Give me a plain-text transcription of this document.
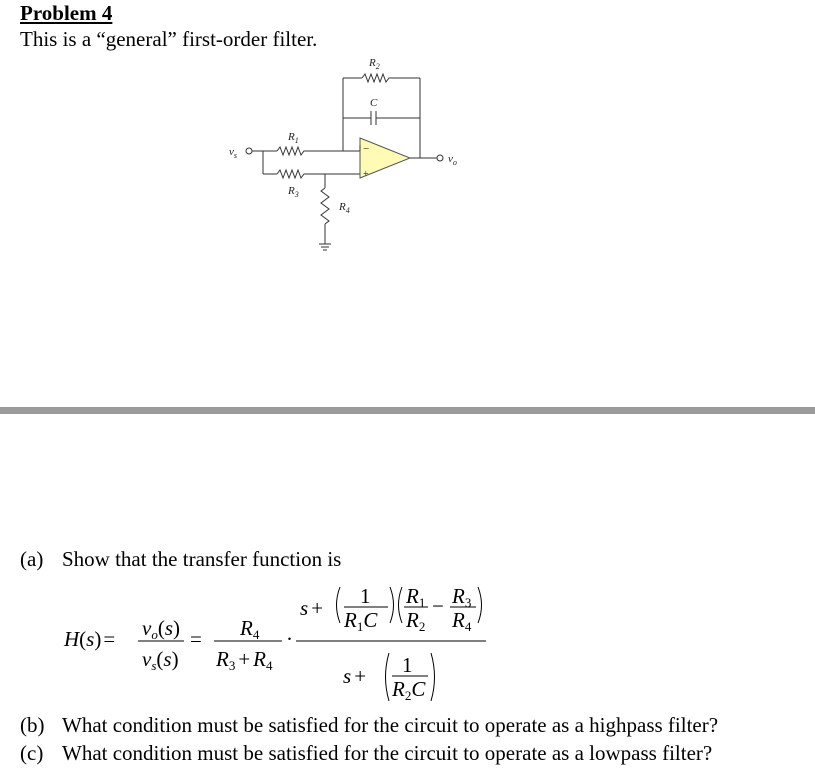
Problem 4
This is a “general” first-order filter.
$v_s$	$v_o$
$R_1$
$R_2$
$R_3$
$R_4$
C
−
+
(a) Show that the transfer function is
H(s)= vo(s)
vs(s)
= R4
R3 + R4
·
s + 1
R1C
R1
R2
− R3
R4
s + 1
R2C
(b) What condition must be satisfied for the circuit to operate as a highpass filter?
(c) What condition must be satisfied for the circuit to operate as a lowpass filter?
